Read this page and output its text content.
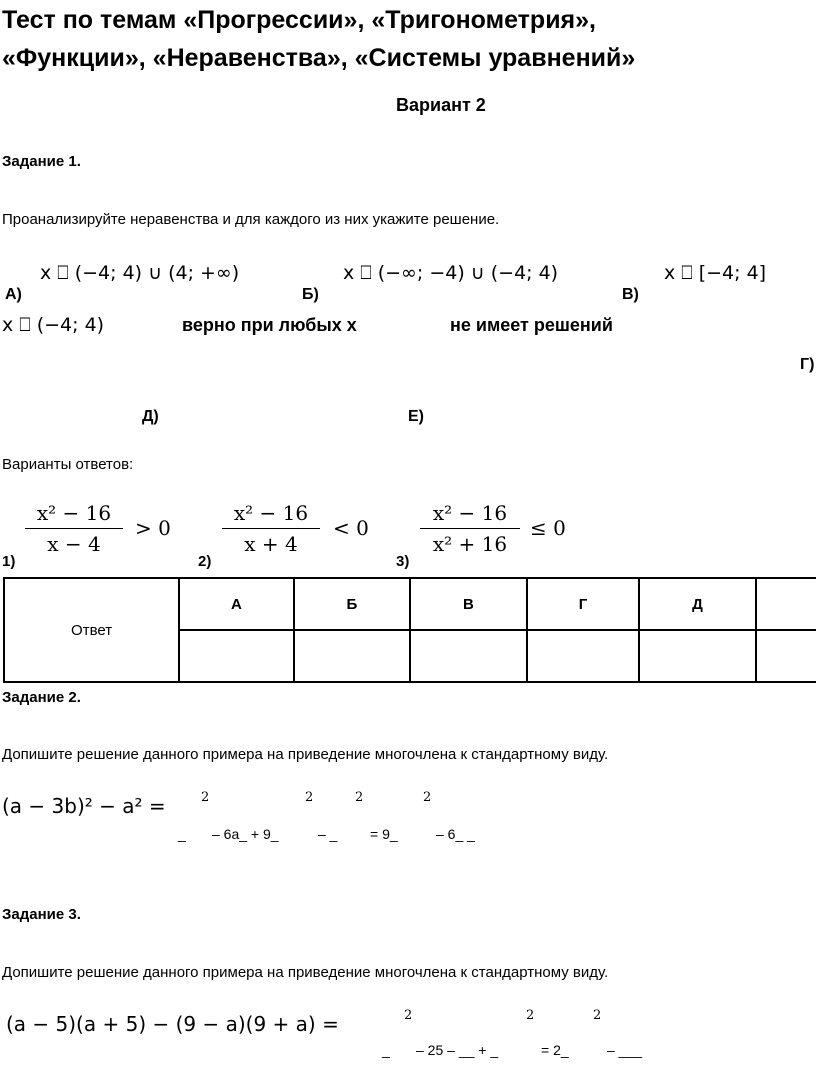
Тест по темам «Прогрессии», «Тригонометрия»,
«Функции», «Неравенства», «Системы уравнений»
Вариант 2
Задание 1.
Проанализируйте неравенства и для каждого из них укажите решение.
x ⎕ (−4; 4) ∪ (4; +∞)
А)
x ⎕ (−∞; −4) ∪ (−4; 4)
Б)
x ⎕ [−4; 4]
В)
x ⎕ (−4; 4)	верно при любых x	не имеет решений
Г)
Д)	Е)
Варианты ответов:
x² − 16
x − 4
> 0
1)
x² − 16
x + 4
< 0
2)
x² − 16
x² + 16
≤ 0
3)
Ответ	А	Б	В	Г	Д	

Задание 2.
Допишите решение данного примера на приведение многочлена к стандартному виду.
(a − 3b)² − a² =	2	2	2	2
_ – 6a_ + 9_	– _ = 9_	– 6_ _
Задание 3.
Допишите решение данного примера на приведение многочлена к стандартному виду.
(a − 5)(a + 5) − (9 − a)(9 + a) =	2	2	2
_ – 25 – __ + _	= 2_	– ___
